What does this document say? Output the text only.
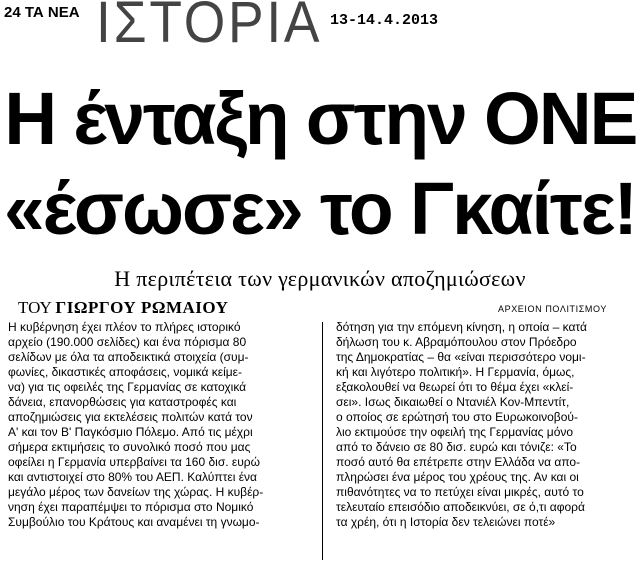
24 ΤΑ ΝΕΑ ΙΣΤΟΡΙΑ 13-14.4.2013
Η ένταξη στην ΟΝΕ
«έσωσε» το Γκαίτε!
Η περιπέτεια των γερμανικών αποζημιώσεων
ΤΟΥ ΓΙΩΡΓΟΥ ΡΩΜΑΙΟΥ	ΑΡΧΕΙΟΝ ΠΟΛΙΤΙΣΜΟΥ
Η κυβέρνηση έχει πλέον το πλήρες ιστορικό
αρχείο (190.000 σελίδες) και ένα πόρισμα 80
σελίδων με όλα τα αποδεικτικά στοιχεία (συμ-
φωνίες, δικαστικές αποφάσεις, νομικά κείμε-
να) για τις οφειλές της Γερμανίας σε κατοχικά
δάνεια, επανορθώσεις για καταστροφές και
αποζημιώσεις για εκτελέσεις πολιτών κατά τον
Α' και τον Β' Παγκόσμιο Πόλεμο. Από τις μέχρι
σήμερα εκτιμήσεις το συνολικό ποσό που μας
οφείλει η Γερμανία υπερβαίνει τα 160 δισ. ευρώ
και αντιστοιχεί στο 80% του ΑΕΠ. Καλύπτει ένα
μεγάλο μέρος των δανείων της χώρας. Η κυβέρ-
νηση έχει παραπέμψει το πόρισμα στο Νομικό
Συμβούλιο του Κράτους και αναμένει τη γνωμο-
δότηση για την επόμενη κίνηση, η οποία – κατά
δήλωση του κ. Αβραμόπουλου στον Πρόεδρο
της Δημοκρατίας – θα «είναι περισσότερο νομι-
κή και λιγότερο πολιτική». Η Γερμανία, όμως,
εξακολουθεί να θεωρεί ότι το θέμα έχει «κλεί-
σει». Ισως δικαιωθεί ο Ντανιέλ Κον-Μπεντίτ,
ο οποίος σε ερώτησή του στο Ευρωκοινοβού-
λιο εκτιμούσε την οφειλή της Γερμανίας μόνο
από το δάνειο σε 80 δισ. ευρώ και τόνιζε: «Το
ποσό αυτό θα επέτρεπε στην Ελλάδα να απο-
πληρώσει ένα μέρος του χρέους της. Αν και οι
πιθανότητες να το πετύχει είναι μικρές, αυτό το
τελευταίο επεισόδιο αποδεικνύει, σε ό,τι αφορά
τα χρέη, ότι η Ιστορία δεν τελειώνει ποτέ»
